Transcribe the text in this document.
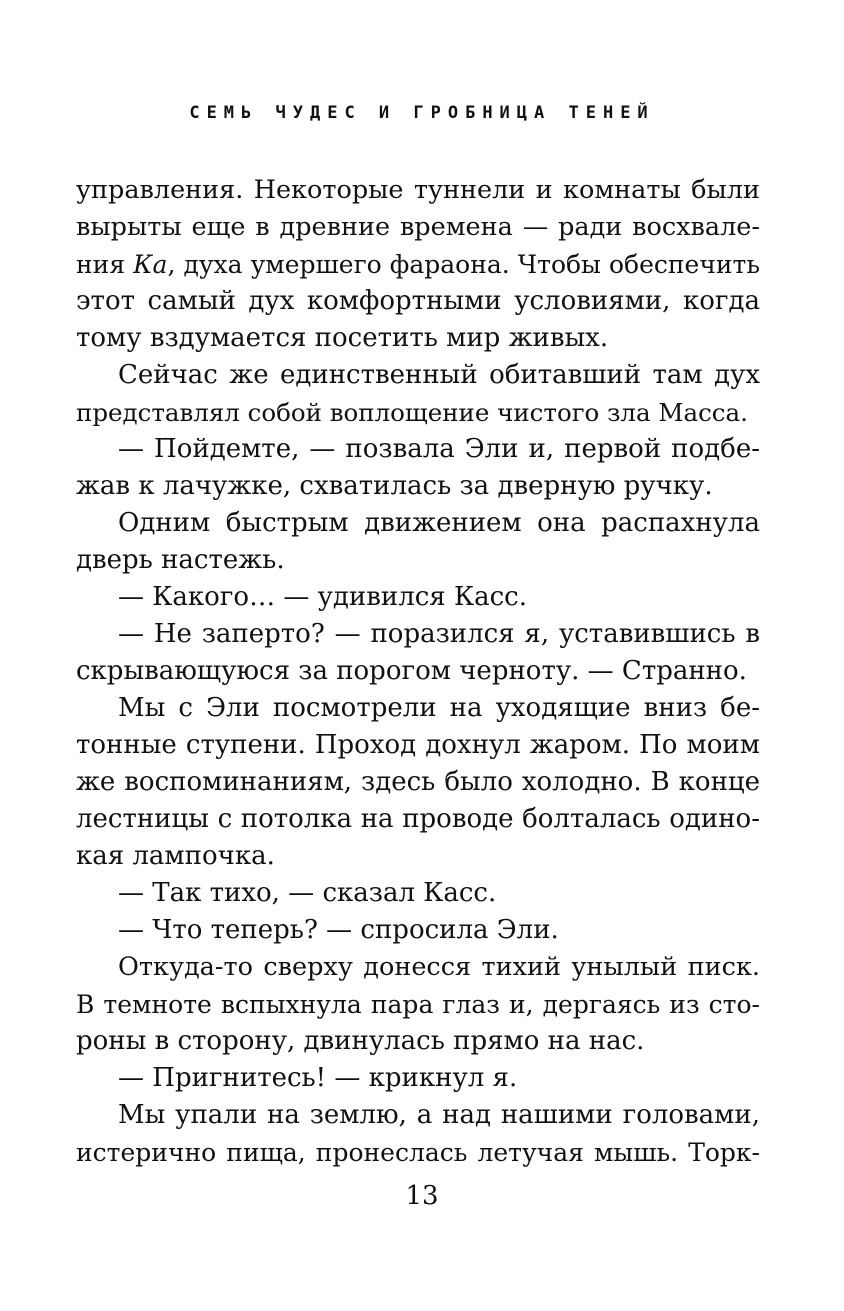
СЕМЬ ЧУДЕС И ГРОБНИЦА ТЕНЕЙ
управления. Некоторые туннели и комнаты были
вырыты еще в древние времена — ради восхвале-
ния Ка, духа умершего фараона. Чтобы обеспечить
этот самый дух комфортными условиями, когда
тому вздумается посетить мир живых.
Сейчас же единственный обитавший там дух
представлял собой воплощение чистого зла Масса.
— Пойдемте, — позвала Эли и, первой подбе-
жав к лачужке, схватилась за дверную ручку.
Одним быстрым движением она распахнула
дверь настежь.
— Какого… — удивился Касс.
— Не заперто? — поразился я, уставившись в
скрывающуюся за порогом черноту. — Странно.
Мы с Эли посмотрели на уходящие вниз бе-
тонные ступени. Проход дохнул жаром. По моим
же воспоминаниям, здесь было холодно. В конце
лестницы с потолка на проводе болталась одино-
кая лампочка.
— Так тихо, — сказал Касс.
— Что теперь? — спросила Эли.
Откуда-то сверху донесся тихий унылый писк.
В темноте вспыхнула пара глаз и, дергаясь из сто-
роны в сторону, двинулась прямо на нас.
— Пригнитесь! — крикнул я.
Мы упали на землю, а над нашими головами,
истерично пища, пронеслась летучая мышь. Торк-
13
